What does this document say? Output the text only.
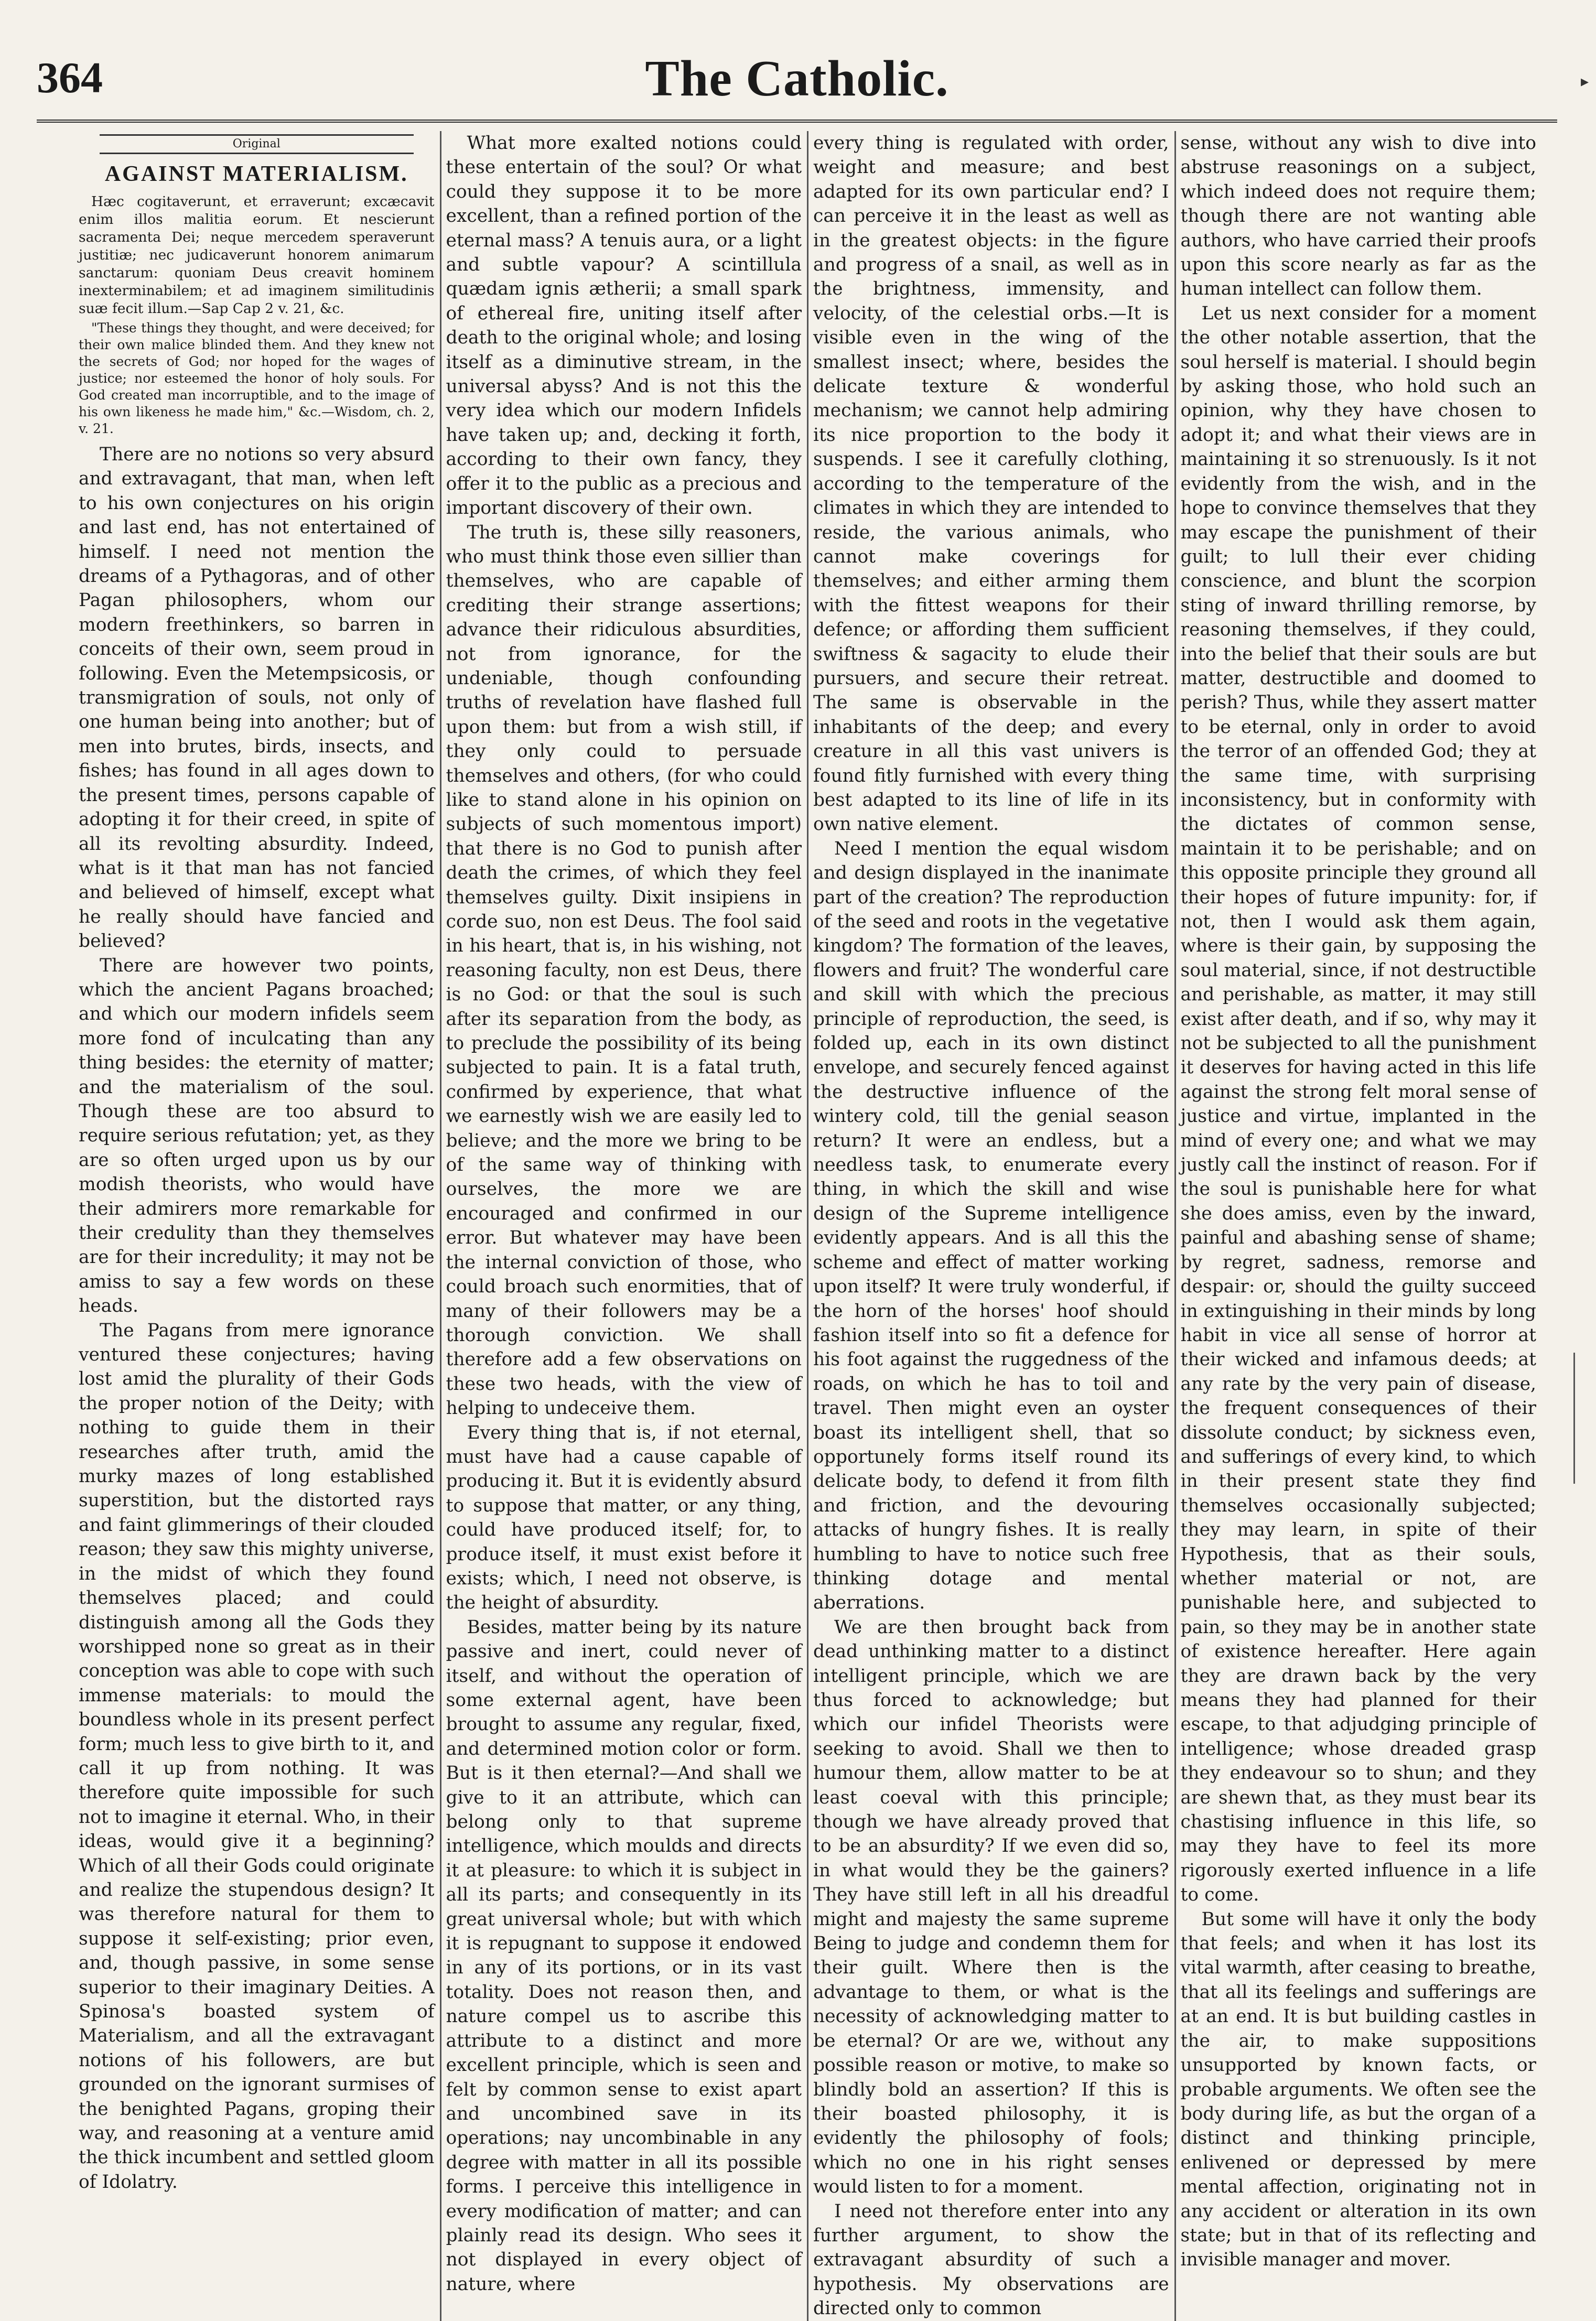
364	The Catholic.	▸
Original
AGAINST MATERIALISM.

Hæc cogitaverunt, et erraverunt; excæcavit enim illos malitia eorum. Et nescierunt sacramenta Dei; neque mercedem speraverunt justitiæ; nec judicaverunt honorem animarum sanctarum: quoniam Deus creavit hominem inexterminabilem; et ad imaginem similitudinis suæ fecit illum.—Sap Cap 2 v. 21, &c.

"These things they thought, and were deceived; for their own malice blinded them. And they knew not the secrets of God; nor hoped for the wages of justice; nor esteemed the honor of holy souls. For God created man incorruptible, and to the image of his own likeness he made him," &c.—Wisdom, ch. 2, v. 21.

There are no notions so very absurd and extravagant, that man, when left to his own conjectures on his origin and last end, has not entertained of himself. I need not mention the dreams of a Pythagoras, and of other Pagan philosophers, whom our modern freethinkers, so barren in conceits of their own, seem proud in following. Even the Metempsicosis, or transmigration of souls, not only of one human being into another; but of men into brutes, birds, insects, and fishes; has found in all ages down to the present times, persons capable of adopting it for their creed, in spite of all its revolting absurdity. Indeed, what is it that man has not fancied and believed of himself, except what he really should have fancied and believed?

There are however two points, which the ancient Pagans broached; and which our modern infidels seem more fond of inculcating than any thing besides: the eternity of matter; and the materialism of the soul. Though these are too absurd to require serious refutation; yet, as they are so often urged upon us by our modish theorists, who would have their admirers more remarkable for their credulity than they themselves are for their incredulity; it may not be amiss to say a few words on these heads.

The Pagans from mere ignorance ventured these conjectures; having lost amid the plurality of their Gods the proper notion of the Deity; with nothing to guide them in their researches after truth, amid the murky mazes of long established superstition, but the distorted rays and faint glimmerings of their clouded reason; they saw this mighty universe, in the midst of which they found themselves placed; and could distinguish among all the Gods they worshipped none so great as in their conception was able to cope with such immense materials: to mould the boundless whole in its present perfect form; much less to give birth to it, and call it up from nothing. It was therefore quite impossible for such not to imagine it eternal. Who, in their ideas, would give it a beginning? Which of all their Gods could originate and realize the stupendous design? It was therefore natural for them to suppose it self-existing; prior even, and, though passive, in some sense superior to their imaginary Deities. A Spinosa's boasted system of Materialism, and all the extravagant notions of his followers, are but grounded on the ignorant surmises of the benighted Pagans, groping their way, and reasoning at a venture amid the thick incumbent and settled gloom of Idolatry.

What more exalted notions could these entertain of the soul? Or what could they suppose it to be more excellent, than a refined portion of the eternal mass? A tenuis aura, or a light and subtle vapour? A scintillula quædam ignis ætherii; a small spark of ethereal fire, uniting itself after death to the original whole; and losing itself as a diminutive stream, in the universal abyss? And is not this the very idea which our modern Infidels have taken up; and, decking it forth, according to their own fancy, they offer it to the public as a precious and important discovery of their own.

The truth is, these silly reasoners, who must think those even sillier than themselves, who are capable of crediting their strange assertions; advance their ridiculous absurdities, not from ignorance, for the undeniable, though confounding truths of revelation have flashed full upon them: but from a wish still, if they only could to persuade themselves and others, (for who could like to stand alone in his opinion on subjects of such momentous import) that there is no God to punish after death the crimes, of which they feel themselves guilty. Dixit insipiens in corde suo, non est Deus. The fool said in his heart, that is, in his wishing, not reasoning faculty, non est Deus, there is no God: or that the soul is such after its separation from the body, as to preclude the possibility of its being subjected to pain. It is a fatal truth, confirmed by experience, that what we earnestly wish we are easily led to believe; and the more we bring to be of the same way of thinking with ourselves, the more we are encouraged and confirmed in our error. But whatever may have been the internal conviction of those, who could broach such enormities, that of many of their followers may be a thorough conviction. We shall therefore add a few observations on these two heads, with the view of helping to undeceive them.

Every thing that is, if not eternal, must have had a cause capable of producing it. But it is evidently absurd to suppose that matter, or any thing, could have produced itself; for, to produce itself, it must exist before it exists; which, I need not observe, is the height of absurdity.

Besides, matter being by its nature passive and inert, could never of itself, and without the operation of some external agent, have been brought to assume any regular, fixed, and determined motion color or form. But is it then eternal?—And shall we give to it an attribute, which can belong only to that supreme intelligence, which moulds and directs it at pleasure: to which it is subject in all its parts; and consequently in its great universal whole; but with which it is repugnant to suppose it endowed in any of its portions, or in its vast totality. Does not reason then, and nature compel us to ascribe this attribute to a distinct and more excellent principle, which is seen and felt by common sense to exist apart and uncombined save in its operations; nay uncombinable in any degree with matter in all its possible forms. I perceive this intelligence in every modification of matter; and can plainly read its design. Who sees it not displayed in every object of nature, where

every thing is regulated with order, weight and measure; and best adapted for its own particular end? I can perceive it in the least as well as in the greatest objects: in the figure and progress of a snail, as well as in the brightness, immensity, and velocity, of the celestial orbs.—It is visible even in the wing of the smallest insect; where, besides the delicate texture & wonderful mechanism; we cannot help admiring its nice proportion to the body it suspends. I see it carefully clothing, according to the temperature of the climates in which they are intended to reside, the various animals, who cannot make coverings for themselves; and either arming them with the fittest weapons for their defence; or affording them sufficient swiftness & sagacity to elude their pursuers, and secure their retreat. The same is observable in the inhabitants of the deep; and every creature in all this vast univers is found fitly furnished with every thing best adapted to its line of life in its own native element.

Need I mention the equal wisdom and design displayed in the inanimate part of the creation? The reproduction of the seed and roots in the vegetative kingdom? The formation of the leaves, flowers and fruit? The wonderful care and skill with which the precious principle of reproduction, the seed, is folded up, each in its own distinct envelope, and securely fenced against the destructive influence of the wintery cold, till the genial season return? It were an endless, but a needless task, to enumerate every thing, in which the skill and wise design of the Supreme intelligence evidently appears. And is all this the scheme and effect of matter working upon itself? It were truly wonderful, if the horn of the horses' hoof should fashion itself into so fit a defence for his foot against the ruggedness of the roads, on which he has to toil and travel. Then might even an oyster boast its intelligent shell, that so opportunely forms itself round its delicate body, to defend it from filth and friction, and the devouring attacks of hungry fishes. It is really humbling to have to notice such free thinking dotage and mental aberrations.

We are then brought back from dead unthinking matter to a distinct intelligent principle, which we are thus forced to acknowledge; but which our infidel Theorists were seeking to avoid. Shall we then to humour them, allow matter to be at least coeval with this principle; though we have already proved that to be an absurdity? If we even did so, in what would they be the gainers? They have still left in all his dreadful might and majesty the same supreme Being to judge and condemn them for their guilt. Where then is the advantage to them, or what is the necessity of acknowledging matter to be eternal? Or are we, without any possible reason or motive, to make so blindly bold an assertion? If this is their boasted philosophy, it is evidently the philosophy of fools; which no one in his right senses would listen to for a moment.

I need not therefore enter into any further argument, to show the extravagant absurdity of such a hypothesis. My observations are directed only to common

sense, without any wish to dive into abstruse reasonings on a subject, which indeed does not require them; though there are not wanting able authors, who have carried their proofs upon this score nearly as far as the human intellect can follow them.

Let us next consider for a moment the other notable assertion, that the soul herself is material. I should begin by asking those, who hold such an opinion, why they have chosen to adopt it; and what their views are in maintaining it so strenuously. Is it not evidently from the wish, and in the hope to convince themselves that they may escape the punishment of their guilt; to lull their ever chiding conscience, and blunt the scorpion sting of inward thrilling remorse, by reasoning themselves, if they could, into the belief that their souls are but matter, destructible and doomed to perish? Thus, while they assert matter to be eternal, only in order to avoid the terror of an offended God; they at the same time, with surprising inconsistency, but in conformity with the dictates of common sense, maintain it to be perishable; and on this opposite principle they ground all their hopes of future impunity: for, if not, then I would ask them again, where is their gain, by supposing the soul material, since, if not destructible and perishable, as matter, it may still exist after death, and if so, why may it not be subjected to all the punishment it deserves for having acted in this life against the strong felt moral sense of justice and virtue, implanted in the mind of every one; and what we may justly call the instinct of reason. For if the soul is punishable here for what she does amiss, even by the inward, painful and abashing sense of shame; by regret, sadness, remorse and despair: or, should the guilty succeed in extinguishing in their minds by long habit in vice all sense of horror at their wicked and infamous deeds; at any rate by the very pain of disease, the frequent consequences of their dissolute conduct; by sickness even, and sufferings of every kind, to which in their present state they find themselves occasionally subjected; they may learn, in spite of their Hypothesis, that as their souls, whether material or not, are punishable here, and subjected to pain, so they may be in another state of existence hereafter. Here again they are drawn back by the very means they had planned for their escape, to that adjudging principle of intelligence; whose dreaded grasp they endeavour so to shun; and they are shewn that, as they must bear its chastising influence in this life, so may they have to feel its more rigorously exerted influence in a life to come.

But some will have it only the body that feels; and when it has lost its vital warmth, after ceasing to breathe, that all its feelings and sufferings are at an end. It is but building castles in the air, to make suppositions unsupported by known facts, or probable arguments. We often see the body during life, as but the organ of a distinct and thinking principle, enlivened or depressed by mere mental affection, originating not in any accident or alteration in its own state; but in that of its reflecting and invisible manager and mover.
